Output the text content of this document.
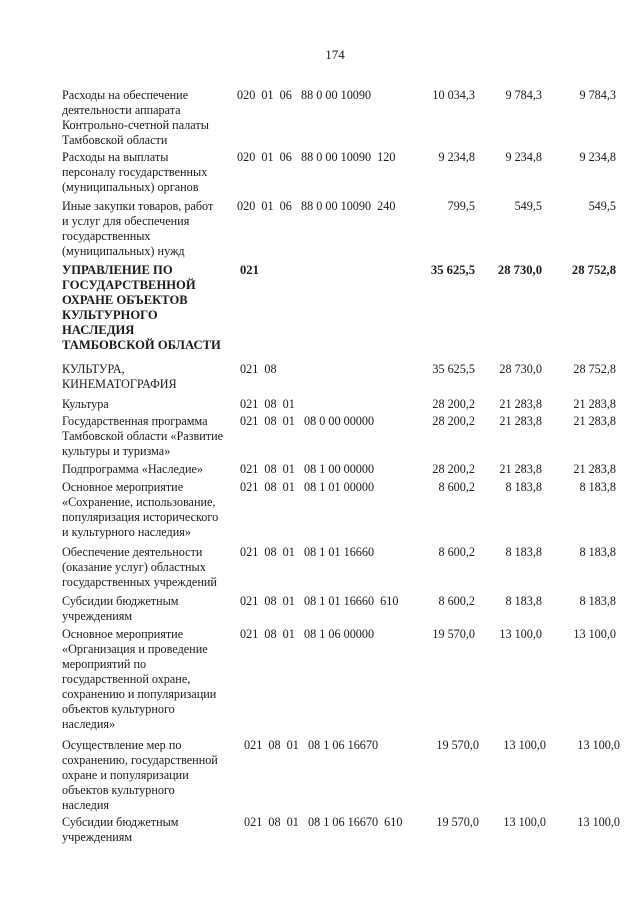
174
Расходы на обеспечение
деятельности аппарата
Контрольно-счетной палаты
Тамбовской области
020  01  06   88 0 00 10090	10 034,3	9 784,3	9 784,3
Расходы на выплаты
персоналу государственных
(муниципальных) органов
020  01  06   88 0 00 10090  120	9 234,8	9 234,8	9 234,8
Иные закупки товаров, работ
и услуг для обеспечения
государственных
(муниципальных) нужд
020  01  06   88 0 00 10090  240	799,5	549,5	549,5
УПРАВЛЕНИЕ ПО
ГОСУДАРСТВЕННОЙ
ОХРАНЕ ОБЪЕКТОВ
КУЛЬТУРНОГО
НАСЛЕДИЯ
ТАМБОВСКОЙ ОБЛАСТИ
021	35 625,5	28 730,0	28 752,8
КУЛЬТУРА,
КИНЕМАТОГРАФИЯ
021  08	35 625,5	28 730,0	28 752,8
Культура	021  08  01	28 200,2	21 283,8	21 283,8
Государственная программа
Тамбовской области «Развитие
культуры и туризма»
021  08  01   08 0 00 00000	28 200,2	21 283,8	21 283,8
Подпрограмма «Наследие»	021  08  01   08 1 00 00000	28 200,2	21 283,8	21 283,8
Основное мероприятие
«Сохранение, использование,
популяризация исторического
и культурного наследия»
021  08  01   08 1 01 00000	8 600,2	8 183,8	8 183,8
Обеспечение деятельности
(оказание услуг) областных
государственных учреждений
021  08  01   08 1 01 16660	8 600,2	8 183,8	8 183,8
Субсидии бюджетным
учреждениям
021  08  01   08 1 01 16660  610	8 600,2	8 183,8	8 183,8
Основное мероприятие
«Организация и проведение
мероприятий по
государственной охране,
сохранению и популяризации
объектов культурного
наследия»
021  08  01   08 1 06 00000	19 570,0	13 100,0	13 100,0
Осуществление мер по
сохранению, государственной
охране и популяризации
объектов культурного
наследия
021  08  01   08 1 06 16670	19 570,0	13 100,0	13 100,0
Субсидии бюджетным
учреждениям
021  08  01   08 1 06 16670  610	19 570,0	13 100,0	13 100,0
